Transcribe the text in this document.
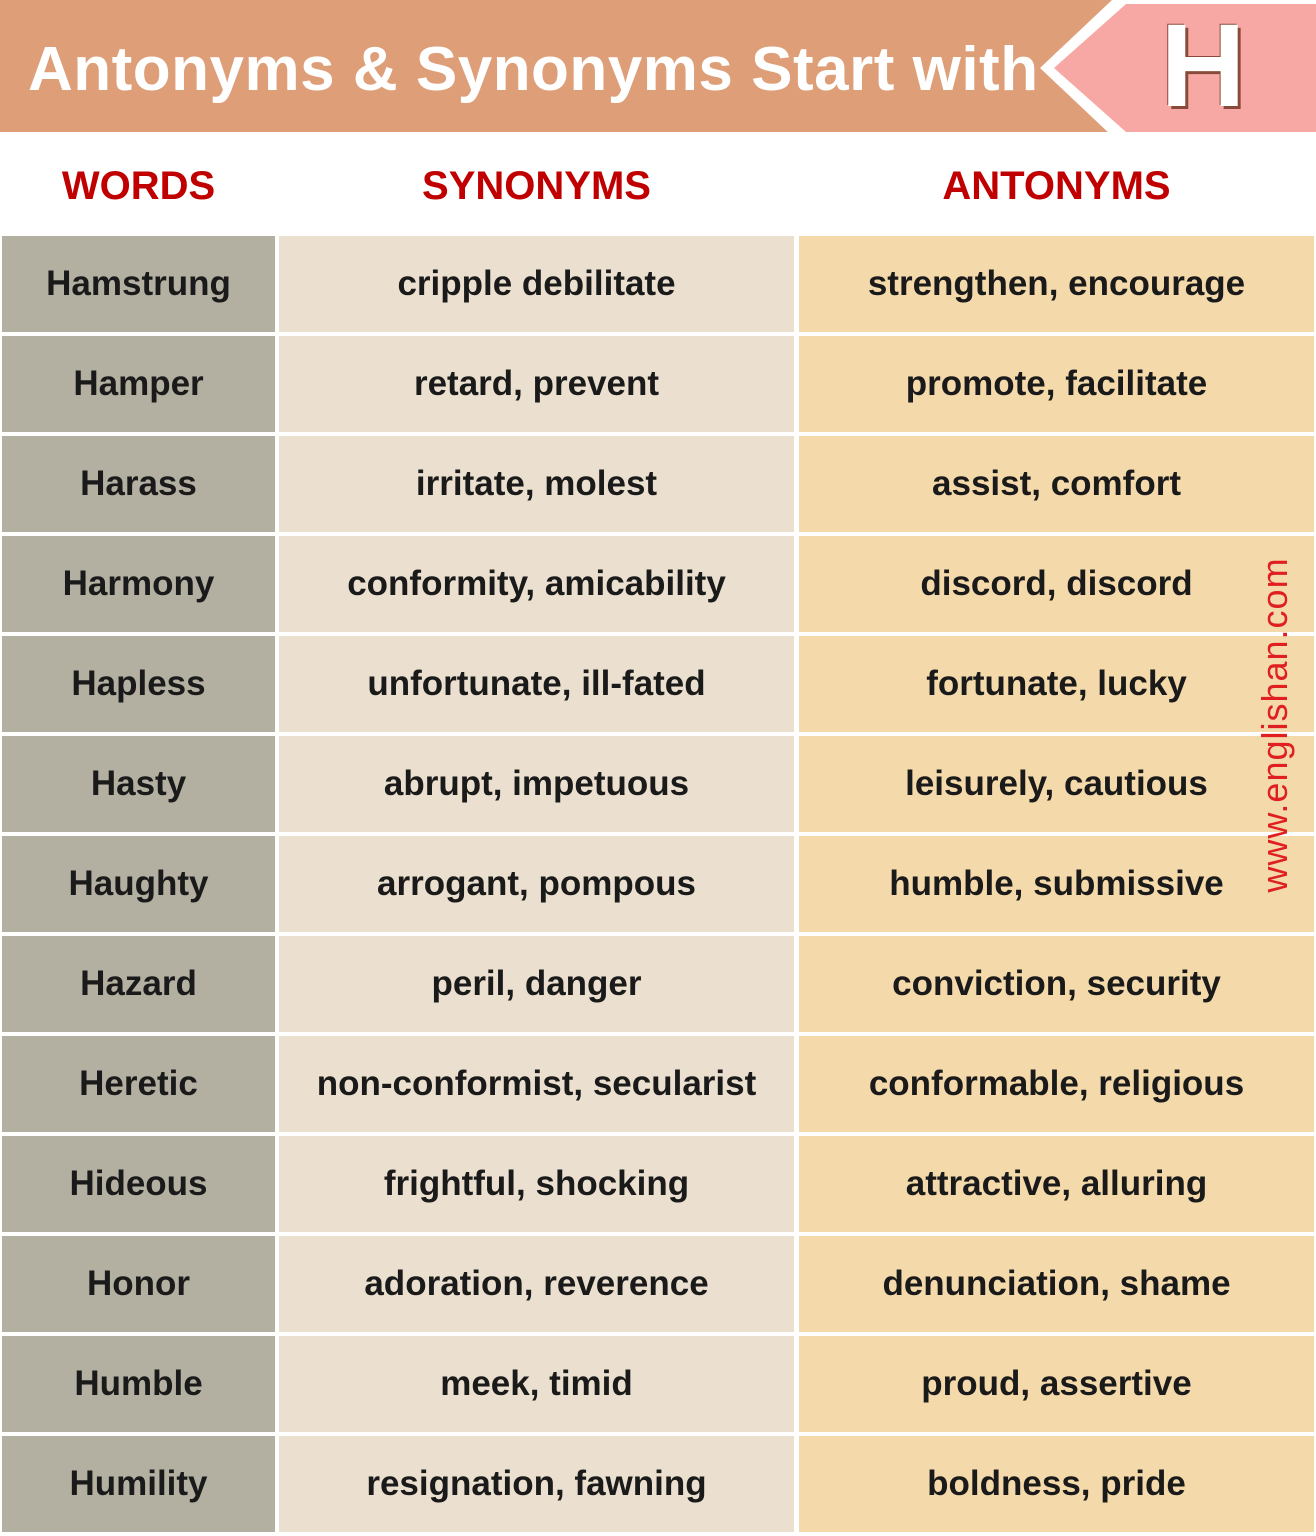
Antonyms & Synonyms Start with H
WORDS	SYNONYMS	ANTONYMS
Hamstrung	cripple debilitate	strengthen, encourage
Hamper	retard, prevent	promote, facilitate
Harass	irritate, molest	assist, comfort
Harmony	conformity, amicability	discord, discord
Hapless	unfortunate, ill-fated	fortunate, lucky
Hasty	abrupt, impetuous	leisurely, cautious
Haughty	arrogant, pompous	humble, submissive
Hazard	peril, danger	conviction, security
Heretic	non-conformist, secularist	conformable, religious
Hideous	frightful, shocking	attractive, alluring
Honor	adoration, reverence	denunciation, shame
Humble	meek, timid	proud, assertive
Humility	resignation, fawning	boldness, pride
www.englishan.com
